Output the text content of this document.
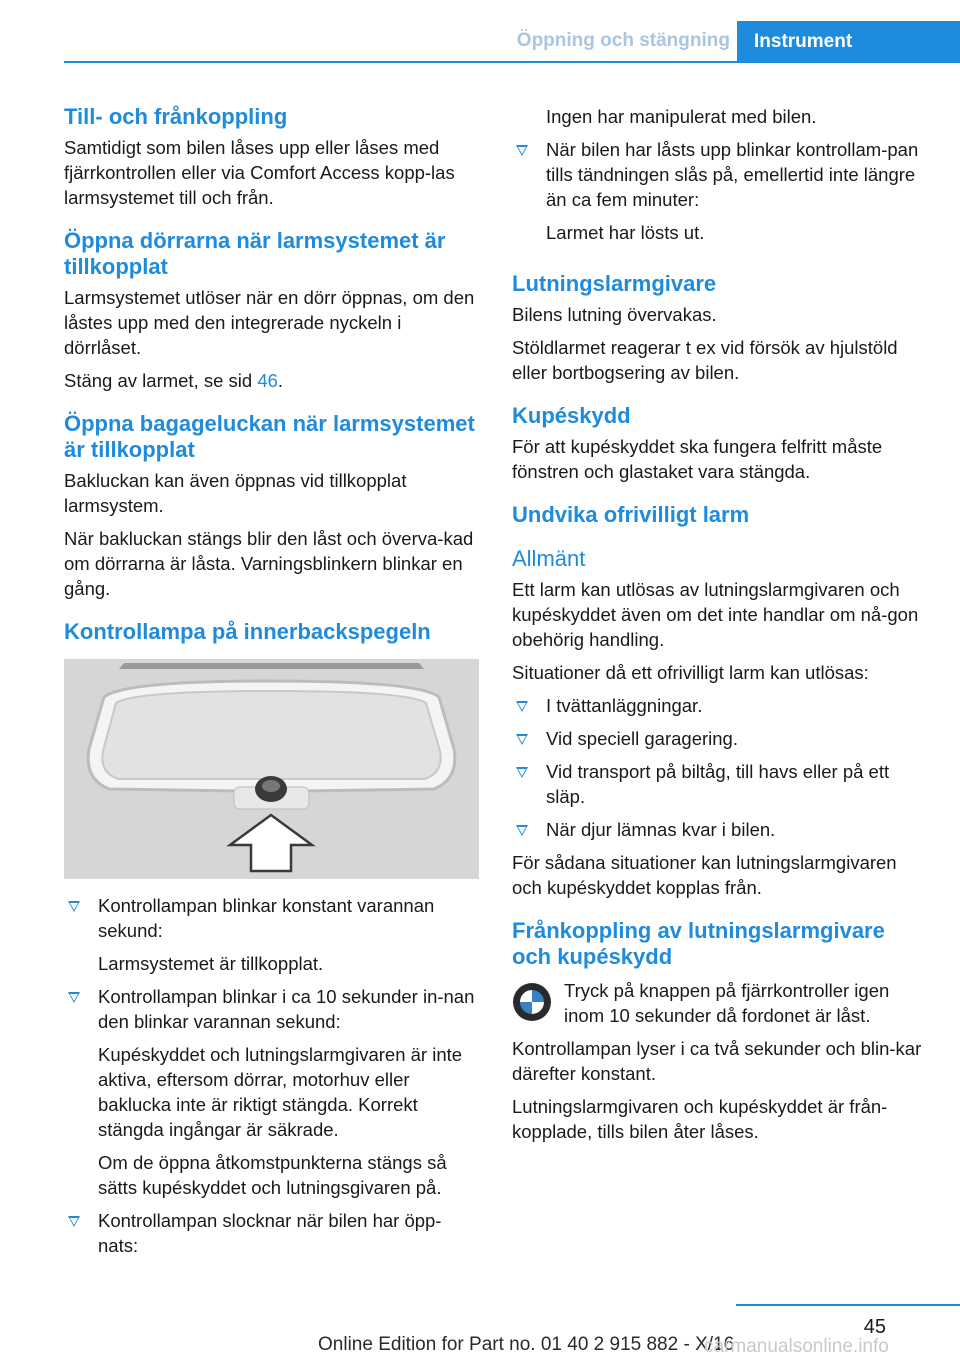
Öppning och stängning	Instrument
Till- och frånkoppling

Samtidigt som bilen låses upp eller låses med fjärrkontrollen eller via Comfort Access kopp‐las larmsystemet till och från.

Öppna dörrarna när larmsystemet är tillkopplat

Larmsystemet utlöser när en dörr öppnas, om den låstes upp med den integrerade nyckeln i dörrlåset.

Stäng av larmet, se sid 46.

Öppna bagageluckan när larmsystemet är tillkopplat

Bakluckan kan även öppnas vid tillkopplat larmsystem.

När bakluckan stängs blir den låst och överva‐kad om dörrarna är låsta. Varningsblinkern blinkar en gång.

Kontrollampa på innerbackspegeln
Kontrollampan blinkar konstant varannan sekund:
Larmsystemet är tillkopplat.
Kontrollampan blinkar i ca 10 sekunder in‐nan den blinkar varannan sekund:
Kupéskyddet och lutningslarmgivaren är inte aktiva, eftersom dörrar, motorhuv eller baklucka inte är riktigt stängda. Korrekt stängda ingångar är säkrade.
Om de öppna åtkomstpunkterna stängs så sätts kupéskyddet och lutningsgivaren på.
Kontrollampan slocknar när bilen har öpp‐nats:
Ingen har manipulerat med bilen.
När bilen har låsts upp blinkar kontrollam‐pan tills tändningen slås på, emellertid inte längre än ca fem minuter:
Larmet har lösts ut.
Lutningslarmgivare

Bilens lutning övervakas.

Stöldlarmet reagerar t ex vid försök av hjulstöld eller bortbogsering av bilen.

Kupéskydd

För att kupéskyddet ska fungera felfritt måste fönstren och glastaket vara stängda.

Undvika ofrivilligt larm
Allmänt

Ett larm kan utlösas av lutningslarmgivaren och kupéskyddet även om det inte handlar om nå‐gon obehörig handling.

Situationer då ett ofrivilligt larm kan utlösas:

I tvättanläggningar.
Vid speciell garagering.
Vid transport på biltåg, till havs eller på ett släp.
När djur lämnas kvar i bilen.

För sådana situationer kan lutningslarmgivaren och kupéskyddet kopplas från.

Frånkoppling av lutningslarmgivare och kupéskydd
Tryck på knappen på fjärrkontroller igen inom 10 sekunder då fordonet är låst.

Kontrollampan lyser i ca två sekunder och blin‐kar därefter konstant.

Lutningslarmgivaren och kupéskyddet är från‐kopplade, tills bilen åter låses.

45
Online Edition for Part no. 01 40 2 915 882 - X/16
carmanualsonline.info
